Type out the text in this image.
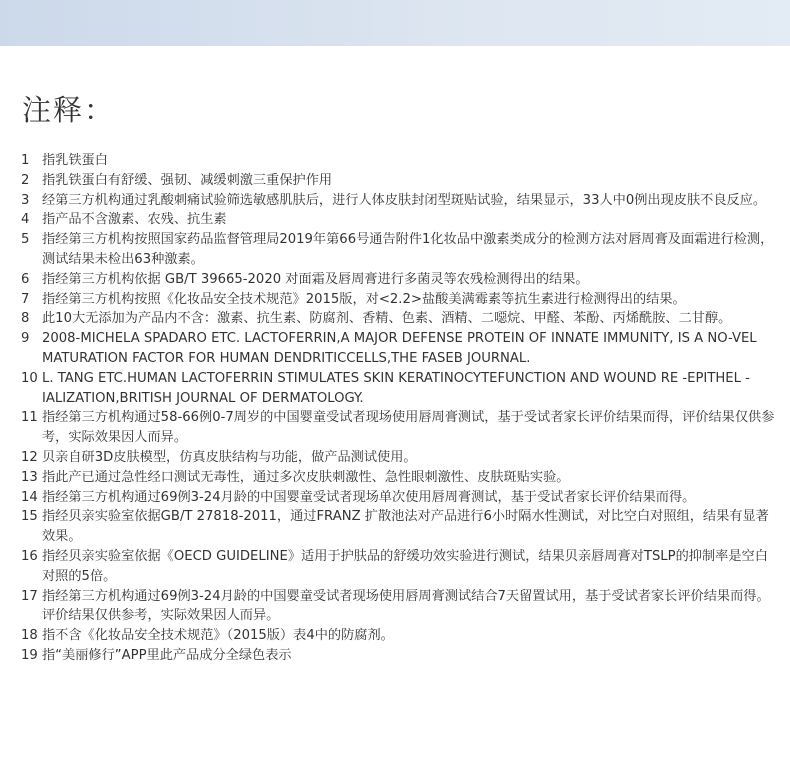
注释：
1 指乳铁蛋白
2 指乳铁蛋白有舒缓、强韧、减缓刺激三重保护作用
3 经第三方机构通过乳酸刺痛试验筛选敏感肌肤后，进行人体皮肤封闭型斑贴试验，结果显示，33人中0例出现皮肤不良反应。
4 指产品不含激素、农残、抗生素
5 指经第三方机构按照国家药品监督管理局2019年第66号通告附件1化妆品中激素类成分的检测方法对唇周膏及面霜进行检测，测试结果未检出63种激素。
6 指经第三方机构依据 GB/T 39665-2020 对面霜及唇周膏进行多菌灵等农残检测得出的结果。
7 指经第三方机构按照《化妆品安全技术规范》2015版，对<2.2>盐酸美满霉素等抗生素进行检测得出的结果。
8 此10大无添加为产品内不含：激素、抗生素、防腐剂、香精、色素、酒精、二噁烷、甲醛、苯酚、丙烯酰胺、二甘醇。
9 2008-MICHELA SPADARO ETC. LACTOFERRIN,A MAJOR DEFENSE PROTEIN OF INNATE IMMUNITY, IS A NO-VEL MATURATION FACTOR FOR HUMAN DENDRITICCELLS,THE FASEB JOURNAL.
10 L. TANG ETC.HUMAN LACTOFERRIN STIMULATES SKIN KERATINOCYTEFUNCTION AND WOUND RE -EPITHEL -IALIZATION,BRITISH JOURNAL OF DERMATOLOGY.
11 指经第三方机构通过58-66例0-7周岁的中国婴童受试者现场使用唇周膏测试，基于受试者家长评价结果而得，评价结果仅供参考，实际效果因人而异。
12 贝亲自研3D皮肤模型，仿真皮肤结构与功能，做产品测试使用。
13 指此产已通过急性经口测试无毒性，通过多次皮肤刺激性、急性眼刺激性、皮肤斑贴实验。
14 指经第三方机构通过69例3-24月龄的中国婴童受试者现场单次使用唇周膏测试，基于受试者家长评价结果而得。
15 指经贝亲实验室依据GB/T 27818-2011，通过FRANZ 扩散池法对产品进行6小时隔水性测试，对比空白对照组，结果有显著效果。
16 指经贝亲实验室依据《OECD GUIDELINE》适用于护肤品的舒缓功效实验进行测试，结果贝亲唇周膏对TSLP的抑制率是空白对照的5倍。
17 指经第三方机构通过69例3-24月龄的中国婴童受试者现场使用唇周膏测试结合7天留置试用，基于受试者家长评价结果而得。评价结果仅供参考，实际效果因人而异。
18 指不含《化妆品安全技术规范》（2015版）表4中的防腐剂。
19 指“美丽修行”APP里此产品成分全绿色表示
